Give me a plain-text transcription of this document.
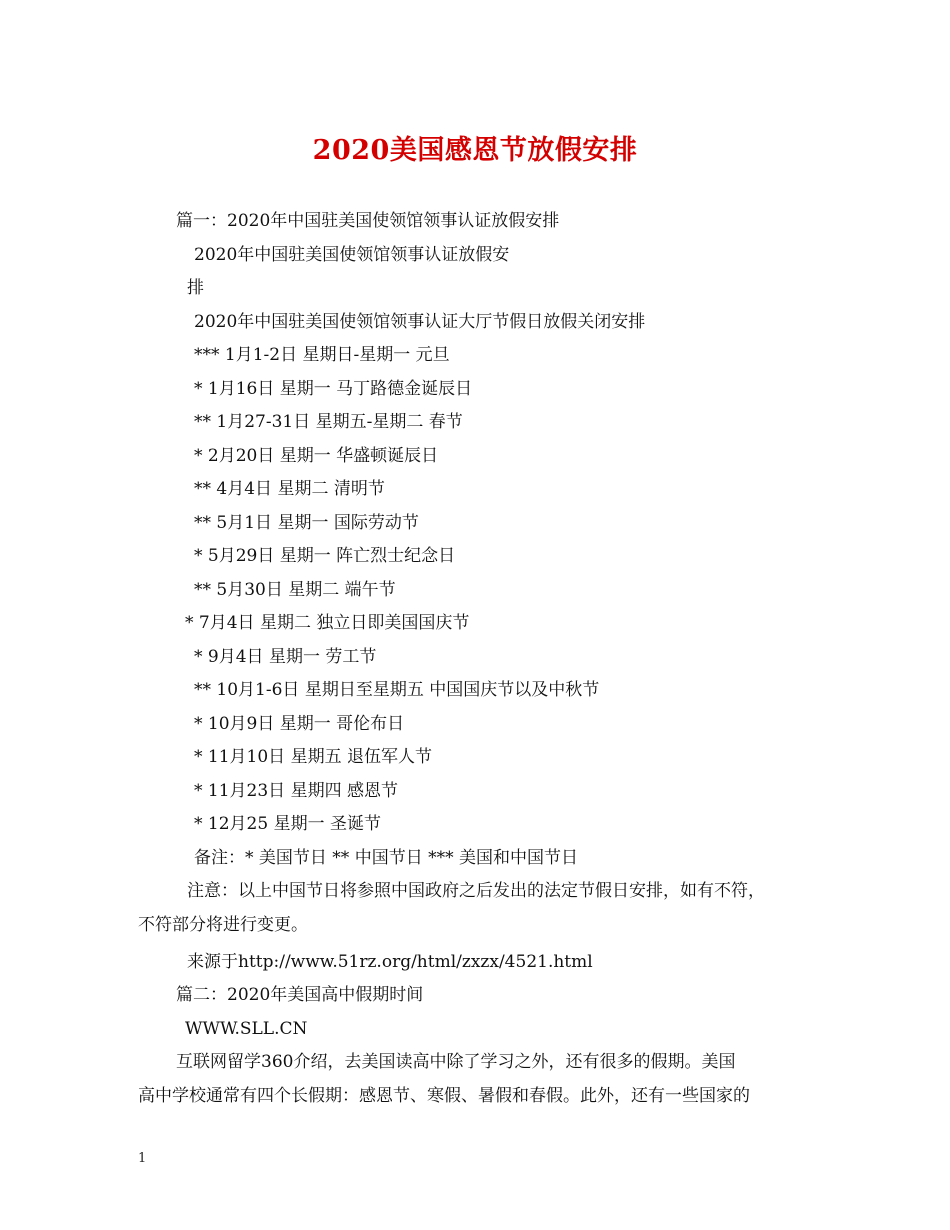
2020美国感恩节放假安排
篇一：2020年中国驻美国使领馆领事认证放假安排
2020年中国驻美国使领馆领事认证放假安
排
2020年中国驻美国使领馆领事认证大厅节假日放假关闭安排
*** 1月1-2日 星期日-星期一 元旦
* 1月16日 星期一 马丁路德金诞辰日
** 1月27-31日 星期五-星期二 春节
* 2月20日 星期一 华盛顿诞辰日
** 4月4日 星期二 清明节
** 5月1日 星期一 国际劳动节
* 5月29日 星期一 阵亡烈士纪念日
** 5月30日 星期二 端午节
* 7月4日 星期二 独立日即美国国庆节
* 9月4日 星期一 劳工节
** 10月1-6日 星期日至星期五 中国国庆节以及中秋节
* 10月9日 星期一 哥伦布日
* 11月10日 星期五 退伍军人节
* 11月23日 星期四 感恩节
* 12月25 星期一 圣诞节
备注：* 美国节日 ** 中国节日 *** 美国和中国节日
注意：以上中国节日将参照中国政府之后发出的法定节假日安排，如有不符，
不符部分将进行变更。
来源于http://www.51rz.org/html/zxzx/4521.html
篇二：2020年美国高中假期时间
WWW.SLL.CN
互联网留学360介绍，去美国读高中除了学习之外，还有很多的假期。美国
高中学校通常有四个长假期：感恩节、寒假、暑假和春假。此外，还有一些国家的
1
